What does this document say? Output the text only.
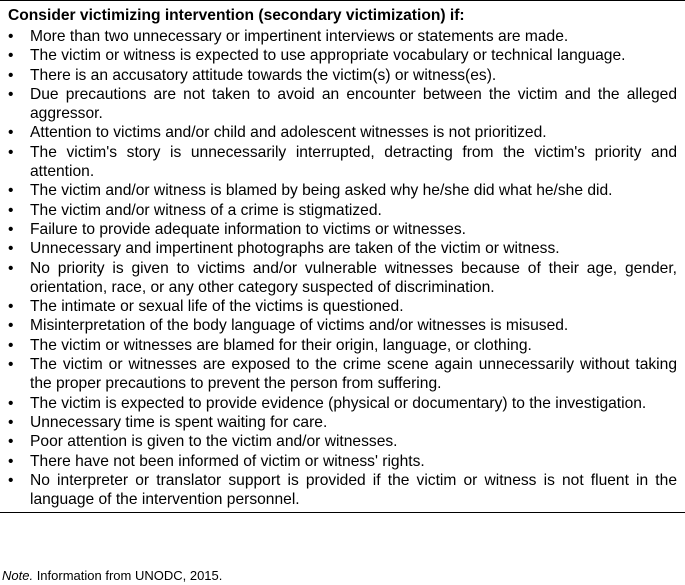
Consider victimizing intervention (secondary victimization) if:
• More than two unnecessary or impertinent interviews or statements are made.
• The victim or witness is expected to use appropriate vocabulary or technical language.
• There is an accusatory attitude towards the victim(s) or witness(es).
• Due precautions are not taken to avoid an encounter between the victim and the alleged aggressor.
• Attention to victims and/or child and adolescent witnesses is not prioritized.
• The victim's story is unnecessarily interrupted, detracting from the victim's priority and attention.
• The victim and/or witness is blamed by being asked why he/she did what he/she did.
• The victim and/or witness of a crime is stigmatized.
• Failure to provide adequate information to victims or witnesses.
• Unnecessary and impertinent photographs are taken of the victim or witness.
• No priority is given to victims and/or vulnerable witnesses because of their age, gender, orientation, race, or any other category suspected of discrimination.
• The intimate or sexual life of the victims is questioned.
• Misinterpretation of the body language of victims and/or witnesses is misused.
• The victim or witnesses are blamed for their origin, language, or clothing.
• The victim or witnesses are exposed to the crime scene again unnecessarily without taking the proper precautions to prevent the person from suffering.
• The victim is expected to provide evidence (physical or documentary) to the investigation.
• Unnecessary time is spent waiting for care.
• Poor attention is given to the victim and/or witnesses.
• There have not been informed of victim or witness' rights.
• No interpreter or translator support is provided if the victim or witness is not fluent in the language of the intervention personnel.
Note. Information from UNODC, 2015.
